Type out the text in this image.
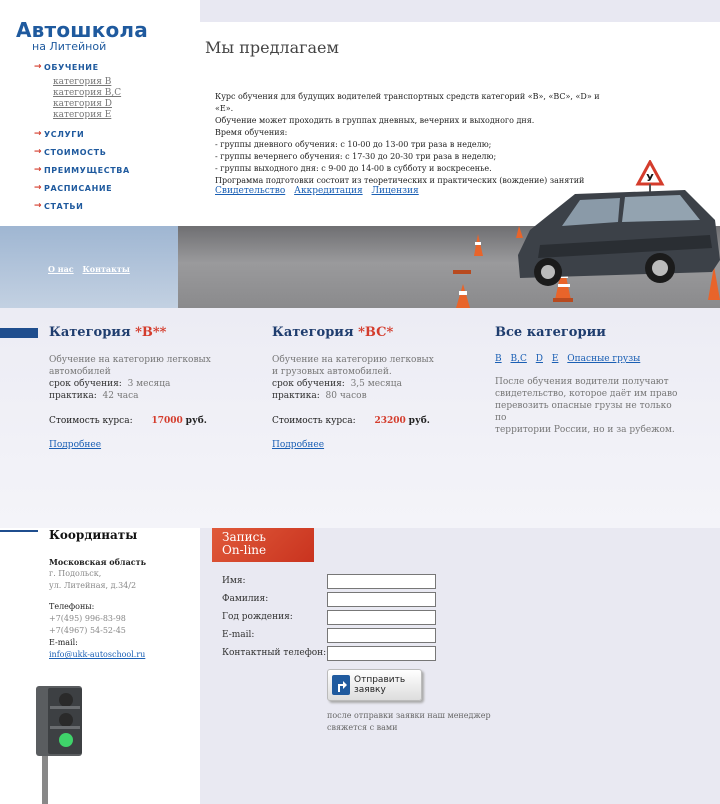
Автошкола
на Литейной
→ ОБУЧЕНИЕ
категория B
категория B,C
категория D
категория E
→ УСЛУГИ
→ СТОИМОСТЬ
→ ПРЕИМУЩЕСТВА
→ РАСПИСАНИЕ
→ СТАТЬИ
Мы предлагаем
Курс обучения для будущих водителей транспортных средств категорий «B», «BC», «D» и «E».
Обучение может проходить в группах дневных, вечерних и выходного дня.
Время обучения:
- группы дневного обучения: с 10-00 до 13-00 три раза в неделю;
- группы вечернего обучения: с 17-30 до 20-30 три раза в неделю;
- группы выходного дня: с 9-00 до 14-00 в субботу и воскресенье.
Программа подготовки состоит из теоретических и практических (вождение) занятий
Свидетельство Аккредитация Лицензия
О нас Контакты
У
Категория *B**
Обучение на категорию легковых
автомобилей
срок обучения: 3 месяца
практика: 42 часа
Стоимость курса: 17000 руб.
Подробнее
Категория *BC*
Обучение на категорию легковых
и грузовых автомобилей.
срок обучения: 3,5 месяца
практика: 80 часов
Стоимость курса: 23200 руб.
Подробнее
Все категории
B B,C D E Опасные грузы
После обучения водители получают
свидетельство, которое даёт им право
перевозить опасные грузы не только по
территории России, но и за рубежом.
Координаты
Московская область
г. Подольск,
ул. Литейная, д.34/2
Телефоны:
+7(495) 996-83-98
+7(4967) 54-52-45
E-mail:
info@ukk-autoschool.ru
Запись
On-line
Имя:
Фамилия:
Год рождения:
E-mail:
Контактный телефон:
Отправить
заявку
после отправки заявки наш менеджер
свяжется с вами
